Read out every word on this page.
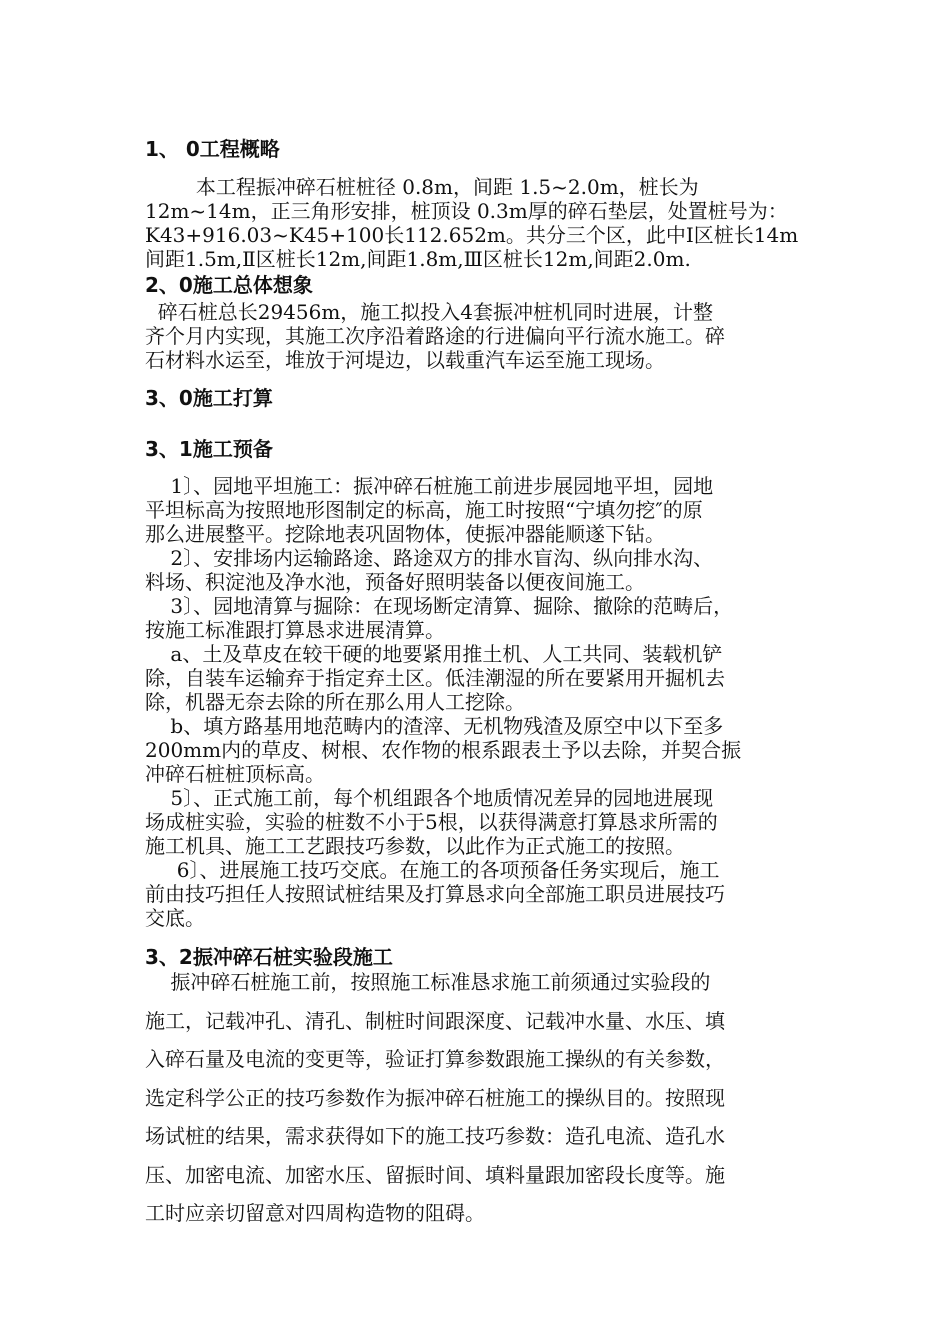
1、 0工程概略
本工程振冲碎石桩桩径 0.8m，间距 1.5~2.0m，桩长为
12m~14m，正三角形安排，桩顶设 0.3m厚的碎石垫层，处置桩号为：
K43+916.03~K45+100长112.652m。共分三个区，此中Ⅰ区桩长14m
间距1.5m,Ⅱ区桩长12m,间距1.8m,Ⅲ区桩长12m,间距2.0m.
2、0施工总体想象
碎石桩总长29456m，施工拟投入4套振冲桩机同时进展，计整
齐个月内实现，其施工次序沿着路途的行进偏向平行流水施工。碎
石材料水运至，堆放于河堤边，以载重汽车运至施工现场。
3、0施工打算
3、1施工预备
1〕、园地平坦施工：振冲碎石桩施工前进步展园地平坦，园地
平坦标高为按照地形图制定的标高，施工时按照“宁填勿挖″的原
那么进展整平。挖除地表巩固物体，使振冲器能顺遂下钻。
2〕、安排场内运输路途、路途双方的排水盲沟、纵向排水沟、
料场、积淀池及净水池，预备好照明装备以便夜间施工。
3〕、园地清算与掘除：在现场断定清算、掘除、撤除的范畴后，
按施工标准跟打算恳求进展清算。
a、土及草皮在较干硬的地要紧用推土机、人工共同、装载机铲
除，自装车运输弃于指定弃土区。低洼潮湿的所在要紧用开掘机去
除，机器无奈去除的所在那么用人工挖除。
b、填方路基用地范畴内的渣滓、无机物残渣及原空中以下至多
200mm内的草皮、树根、农作物的根系跟表土予以去除，并契合振
冲碎石桩桩顶标高。
5〕、正式施工前，每个机组跟各个地质情况差异的园地进展现
场成桩实验，实验的桩数不小于5根，以获得满意打算恳求所需的
施工机具、施工工艺跟技巧参数，以此作为正式施工的按照。
6〕、进展施工技巧交底。在施工的各项预备任务实现后，施工
前由技巧担任人按照试桩结果及打算恳求向全部施工职员进展技巧
交底。
3、2振冲碎石桩实验段施工
振冲碎石桩施工前，按照施工标准恳求施工前须通过实验段的
施工，记载冲孔、清孔、制桩时间跟深度、记载冲水量、水压、填
入碎石量及电流的变更等，验证打算参数跟施工操纵的有关参数，
选定科学公正的技巧参数作为振冲碎石桩施工的操纵目的。按照现
场试桩的结果，需求获得如下的施工技巧参数：造孔电流、造孔水
压、加密电流、加密水压、留振时间、填料量跟加密段长度等。施
工时应亲切留意对四周构造物的阻碍。
